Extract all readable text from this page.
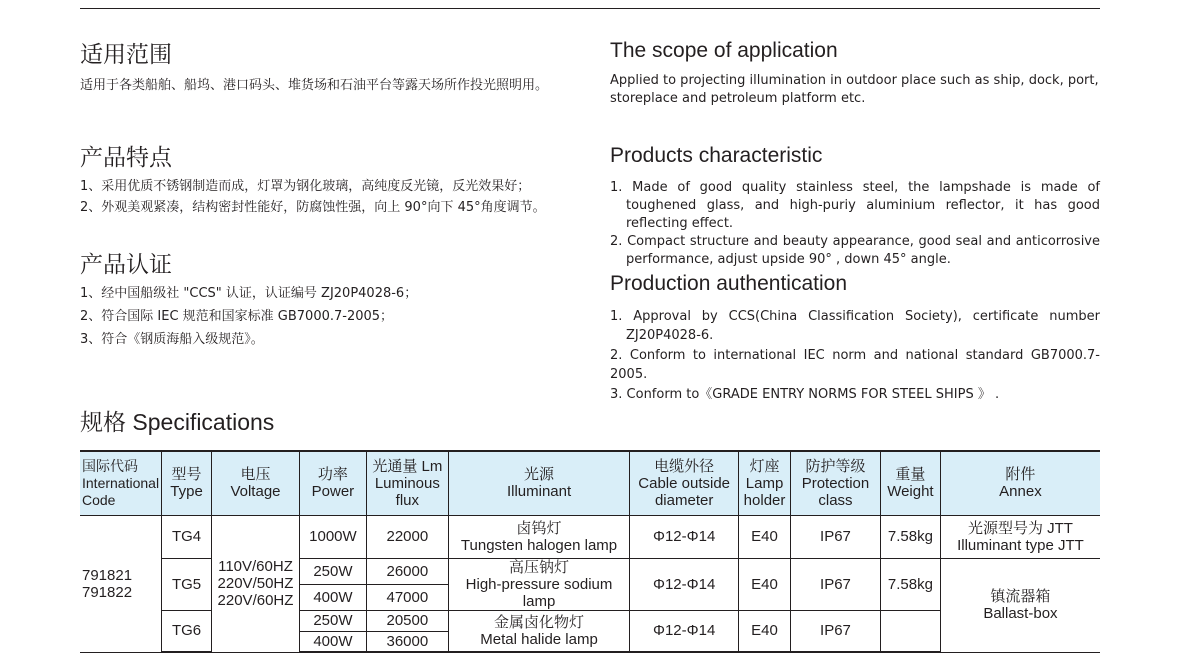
适用范围
适用于各类船舶、船坞、港口码头、堆货场和石油平台等露天场所作投光照明用。
产品特点
1、采用优质不锈钢制造而成，灯罩为钢化玻璃，高纯度反光镜，反光效果好；
2、外观美观紧凑，结构密封性能好，防腐蚀性强，向上 90°向下 45°角度调节。
产品认证
1、经中国船级社 "CCS" 认证，认证编号 ZJ20P4028-6；
2、符合国际 IEC 规范和国家标准 GB7000.7-2005；
3、符合《钢质海船入级规范》。
The scope of application
Applied to projecting illumination in outdoor place such as ship, dock, port, storeplace and petroleum platform etc.
Products characteristic
1. Made of good quality stainless steel, the lampshade is made of toughened glass, and high-puriy aluminium reflector, it has good reflecting effect.
2. Compact structure and beauty appearance, good seal and anticorrosive performance, adjust upside 90° , down 45° angle.
Production authentication
1. Approval by CCS(China Classification Society), certificate number ZJ20P4028-6.
2. Conform to international IEC norm and national standard GB7000.7-2005.
3. Conform to《GRADE ENTRY NORMS FOR STEEL SHIPS 》 .
规格 Specifications
国际代码
International
Code	型号
Type	电压
Voltage	功率
Power	光通量 Lm
Luminous
flux	光源
Illuminant	电缆外径
Cable outside
diameter	灯座
Lamp
holder	防护等级
Protection
class	重量
Weight	附件
Annex
791821
791822	TG4	110V/60HZ
220V/50HZ
220V/60HZ	1000W	22000	卤钨灯
Tungsten halogen lamp	Φ12-Φ14	E40	IP67	7.58kg	光源型号为 JTT
Illuminant type JTT
	TG5		250W	26000	高压钠灯
High-pressure sodium lamp	Φ12-Φ14	E40	IP67	7.58kg	镇流器箱
Ballast-box
			400W	47000						
	TG6		250W	20500	金属卤化物灯
Metal halide lamp	Φ12-Φ14	E40	IP67		
			400W	36000						
